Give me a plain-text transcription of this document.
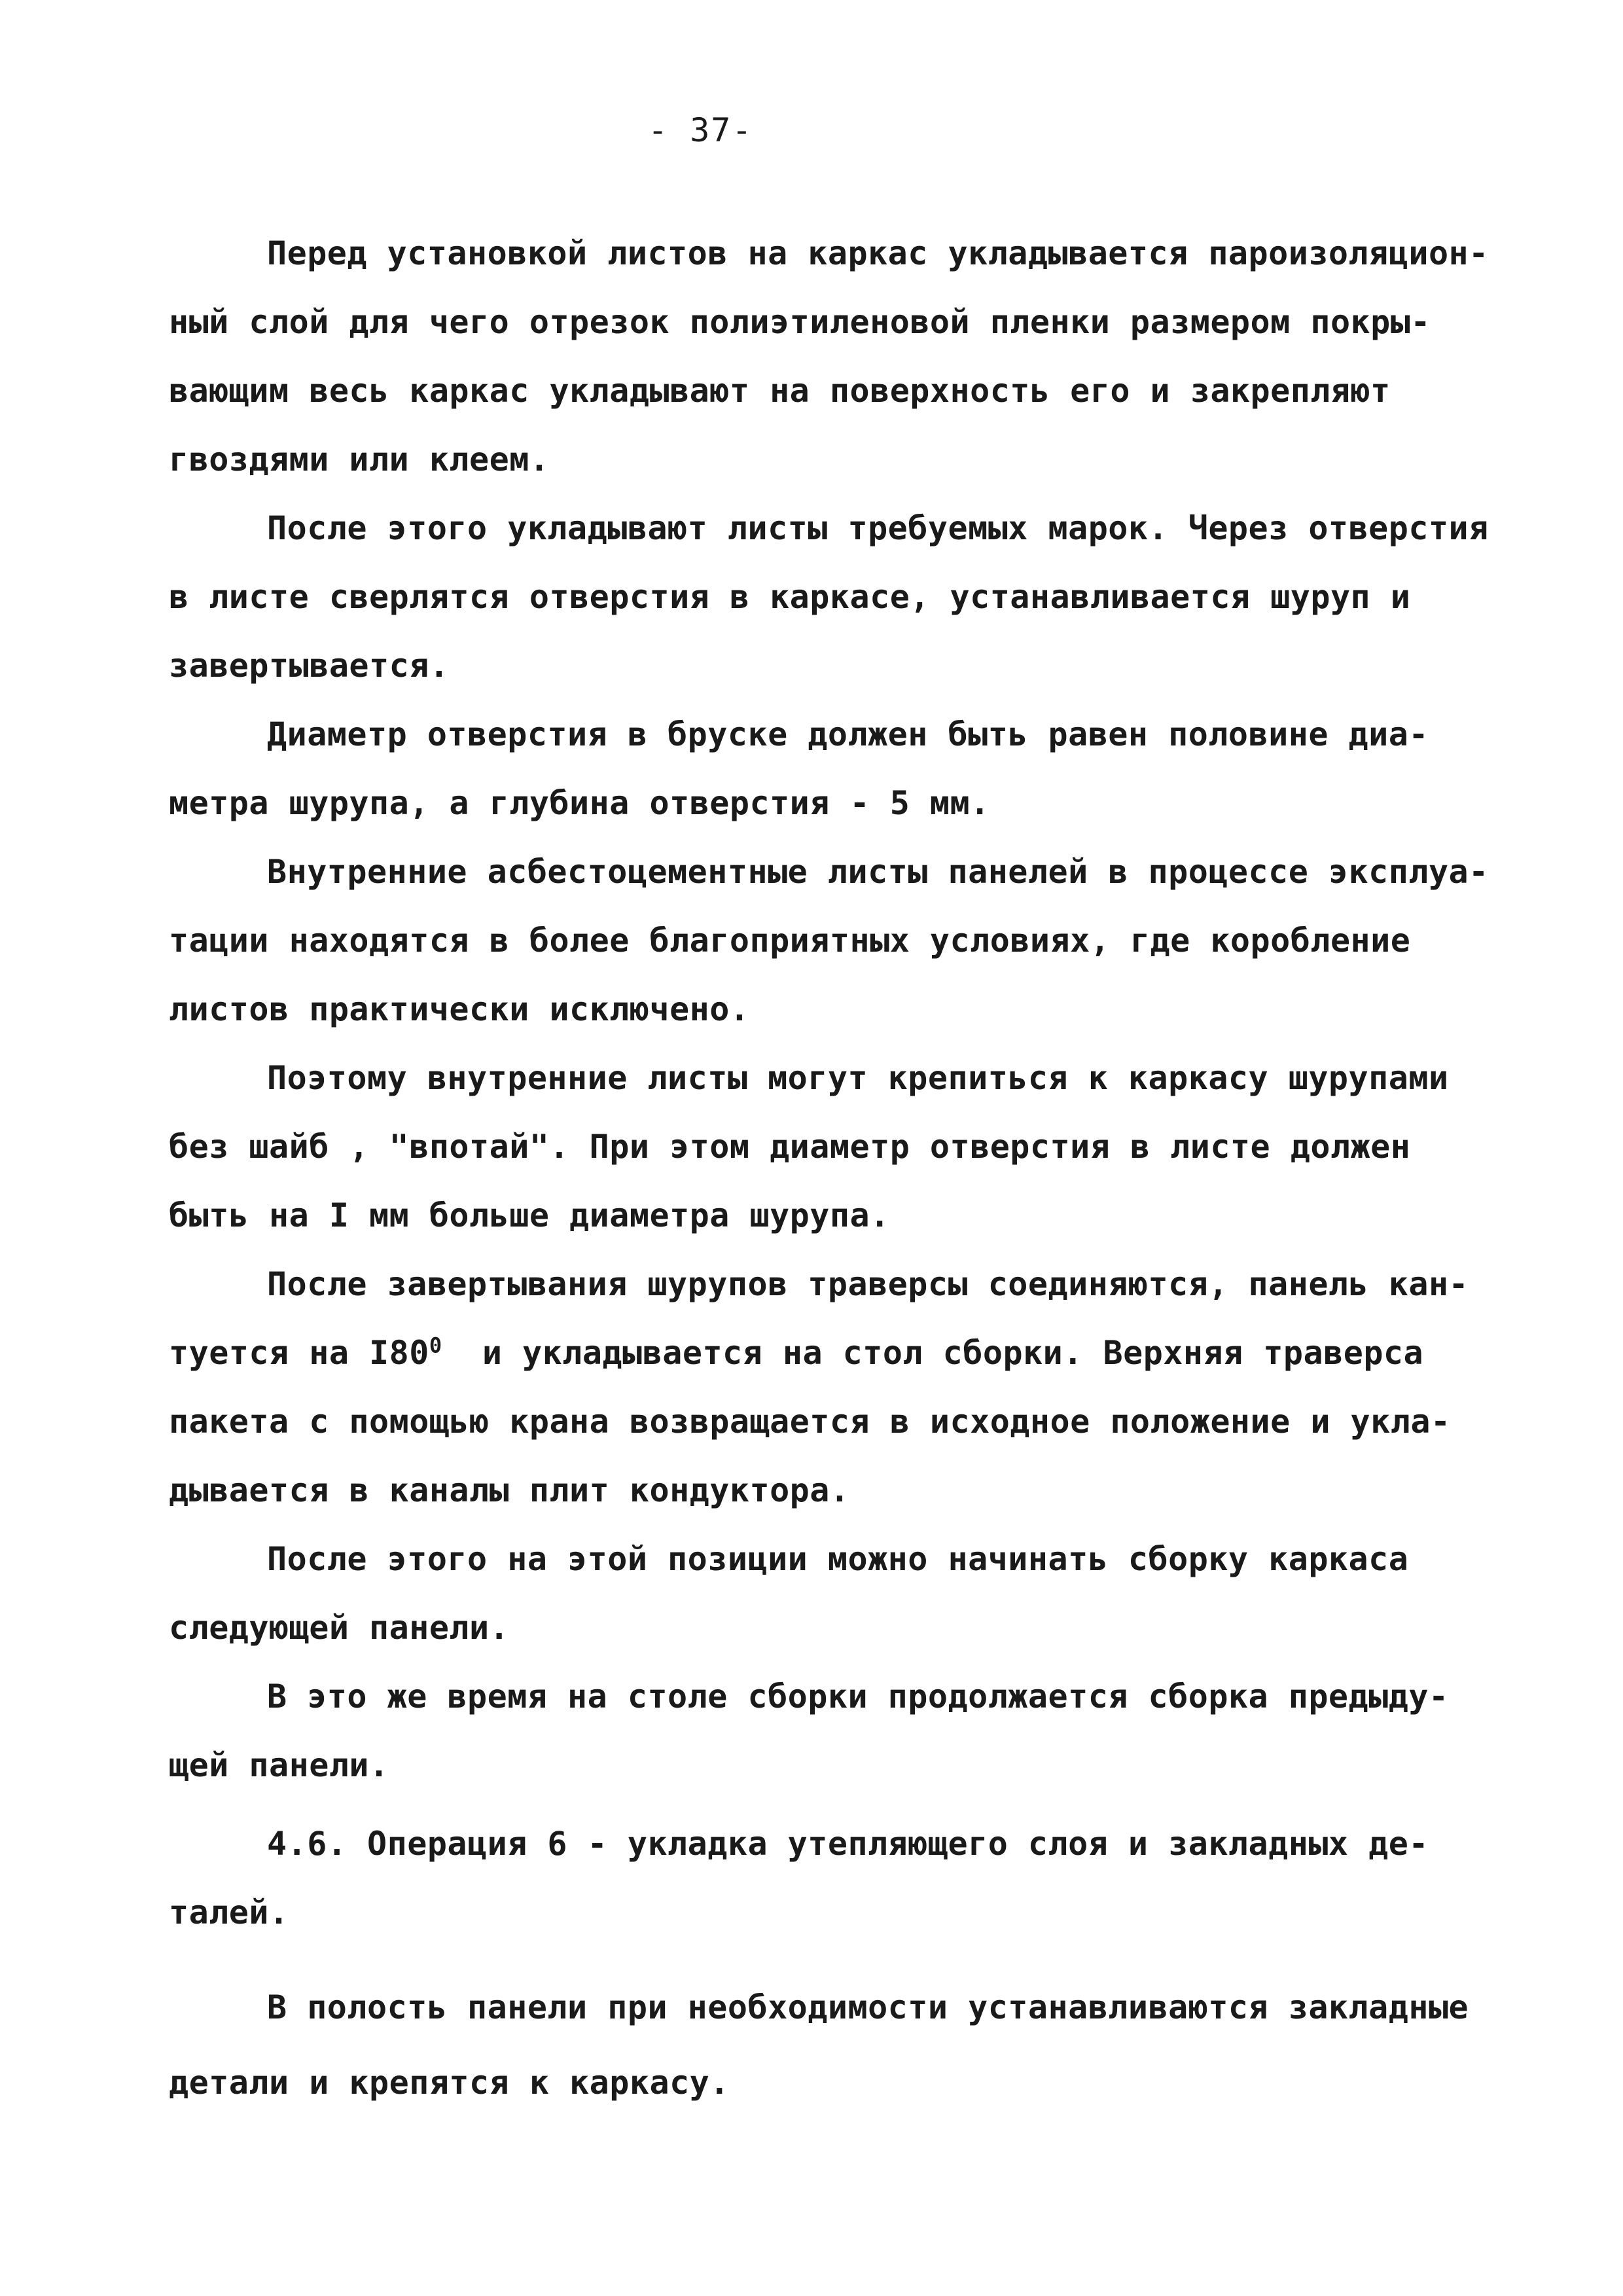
- 37-
Перед установкой листов на каркас укладывается пароизоляцион-
ный слой для чего отрезок полиэтиленовой пленки размером покры-
вающим весь каркас укладывают на поверхность его и закрепляют
гвоздями или клеем.
После этого укладывают листы требуемых марок. Через отверстия
в листе сверлятся отверстия в каркасе, устанавливается шуруп и
завертывается.
Диаметр отверстия в бруске должен быть равен половине диа-
метра шурупа, а глубина отверстия - 5 мм.
Внутренние асбестоцементные листы панелей в процессе эксплуа-
тации находятся в более благоприятных условиях, где коробление
листов практически исключено.
Поэтому внутренние листы могут крепиться к каркасу шурупами
без шайб , "впотай". При этом диаметр отверстия в листе должен
быть на I мм больше диаметра шурупа.
После завертывания шурупов траверсы соединяются, панель кан-
туется на $I80^0$  и укладывается на стол сборки. Верхняя траверса
пакета с помощью крана возвращается в исходное положение и укла-
дывается в каналы плит кондуктора.
После этого на этой позиции можно начинать сборку каркаса
следующей панели.
В это же время на столе сборки продолжается сборка предыду-
щей панели.
4.6. Операция 6 - укладка утепляющего слоя и закладных де-
талей.
В полость панели при необходимости устанавливаются закладные
детали и крепятся к каркасу.
